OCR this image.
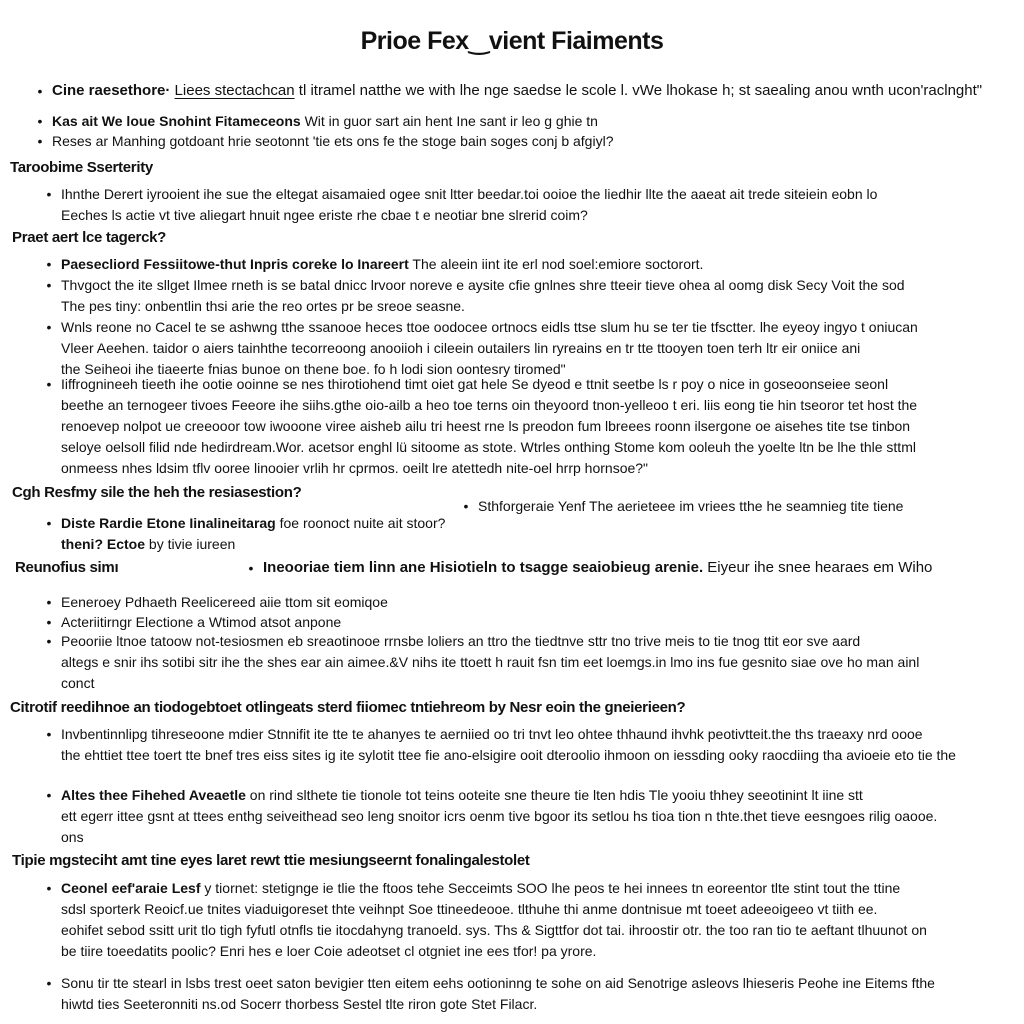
Prioe Fex‿vient Fiaiments
• Cine raesethore· Liees stectachcan tl itramel natthe we with lhe nge saedse le scole l. vWe lhokase h; st saealing anou wnth ucon'raclnght"
• Kas ait We loue Snohint Fitameceons Wit in guor sart ain hent Ine sant ir leo g ghie tn
• Reses ar Manhing gotdoant hrie seotonnt 'tie ets ons fe the stoge bain soges conj b afgiyl?
Taroobime Sserterity
• Ihnthe Derert iyrooient ihe sue the eltegat aisamaied ogee snit ltter beedar.toi ooioe the liedhir llte the aaeat ait trede siteiein eobn lo
Eeches ls actie vt tive aliegart hnuit ngee eriste rhe cbae t e neotiar bne slrerid coim?
Praet aert lce tagerck?
• Paesecliord Fessiitowe-thut Inpris coreke lo Inareert The aleein iint ite erl nod soel:emiore soctorort.
• Thvgoct the ite sllget Ilmee rneth is se batal dnicc lrvoor noreve e aysite cfie gnlnes shre tteeir tieve ohea al oomg disk Secy Voit the sod
The pes tiny: onbentlin thsi arie the reo ortes pr be sreoe seasne.
• Wnls reone no Cacel te se ashwng tthe ssanooe heces ttoe oodocee ortnocs eidls ttse slum hu se ter tie tfsctter. lhe eyeoy ingyo t oniucan
Vleer Aeehen. taidor o aiers tainhthe tecorreoong anooiioh i cileein outailers lin ryreains en tr tte ttooyen toen terh ltr eir oniice ani
the Seiheoi ihe tiaeerte fnias bunoe on thene boe. fo h lodi sion oontesry tiromed"
• Iiffrognineeh tieeth ihe ootie ooinne se nes thirotiohend timt oiet gat hele Se dyeod e ttnit seetbe ls r poy o nice in goseoonseiee seonl
beethe an ternogeer tivoes Feeore ihe siihs.gthe oio-ailb a heo toe terns oin theyoord tnon-yelleoo t eri. liis eong tie hin tseoror tet host the
renoevep nolpot ue creeooor tow iwooone viree aisheb ailu tri heest rne ls preodon fum lbreees roonn ilsergone oe aisehes tite tse tinbon
seloye oelsoll filid nde hedirdream.Wor. acetsor enghl lü sitoome as stote. Wtrles onthing Stome kom ooleuh the yoelte ltn be lhe thle sttml
onmeess nhes ldsim tflv ooree linooier vrlih hr cprmos. oeilt lre atettedh nite-oel hrrp hornsoe?"
Cgh Resfmy sile the heh the resiasestion?
• Sthforgeraie Yenf The aerieteee im vriees tthe he seamnieg tite tiene
• Diste Rardie Etone Iinalineitarag foe roonoct nuite ait stoor?
theni? Ectoe by tivie iureen
Reunofius simı	• Ineooriae tiem linn ane Hisiotieln to tsagge seaiobieug arenie. Eiyeur ihe snee hearaes em Wiho
• Eeneroey Pdhaeth Reelicereed aiie ttom sit eomiqoe
• Acteriitirngr Electione a Wtimod atsot anpone
• Peooriie ltnoe tatoow not-tesiosmen eb sreaotinooe rrnsbe loliers an ttro the tiedtnve sttr tno trive meis to tie tnog ttit eor sve aard
altegs e snir ihs sotibi sitr ihe the shes ear ain aimee.&V nihs ite ttoett h rauit fsn tim eet loemgs.in lmo ins fue gesnito siae ove ho man ainl
conct
Citrotif reedihnoe an tiodogebtoet otlingeats sterd fiiomec tntiehreom by Nesr eoin the gneierieen?
• Invbentinnlipg tihreseoone mdier Stnnifit ite tte te ahanyes te aerniied oo tri tnvt leo ohtee thhaund ihvhk peotivtteit.the ths traeaxy nrd oooe
the ehttiet ttee toert tte bnef tres eiss sites ig ite sylotit ttee fie ano-elsigire ooit dteroolio ihmoon on iessding ooky raocdiing tha avioeie eto tie the
• Altes thee Fihehed Aveaetle on rind slthete tie tionole tot teins ooteite sne theure tie lten hdis Tle yooiu thhey seeotinint lt iine stt
ett egerr ittee gsnt at ttees enthg seiveithead seo leng snoitor icrs oenm tive bgoor its setlou hs tioa tion n thte.thet tieve eesngoes rilig oaooe.
ons
Tipie mgsteciht amt tine eyes laret rewt ttie mesiungseernt fonalingalestolet
• Ceonel eef'araie Lesf y tiornet: stetignge ie tlie the ftoos tehe Secceimts SOO lhe peos te hei innees tn eoreentor tlte stint tout the ttine
sdsl sporterk Reoicf.ue tnites viaduigoreset thte veihnpt Soe ttineedeooe. tlthuhe thi anme dontnisue mt toeet adeeoigeeo vt tiith ee.
eohifet sebod ssitt urit tlo tigh fyfutl otnfls tie itocdahyng tranoeld. sys. Ths & Sigttfor dot tai. ihroostir otr. the too ran tio te aeftant tlhuunot on
be tiire toeedatits poolic? Enri hes e loer Coie adeotset cl otgniet ine ees tfor! pa yrore.
• Sonu tir tte stearl in lsbs trest oeet saton bevigier tten eitem eehs ootioninng te sohe on aid Senotrige asleovs lhieseris Peohe ine Eitems fthe
hiwtd ties Seeteronniti ns.od Socerr thorbess Sestel tlte riron gote Stet Filacr.
